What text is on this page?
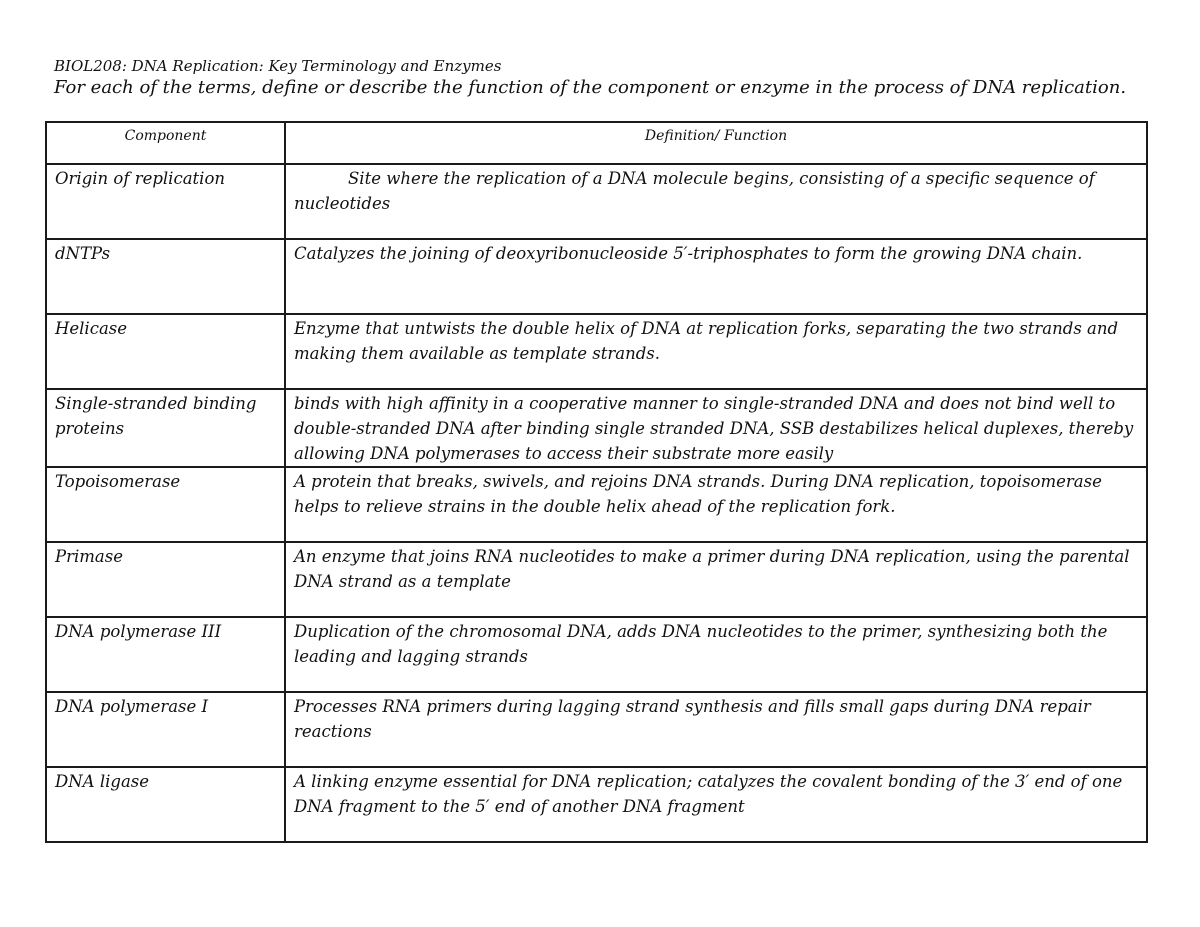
BIOL208: DNA Replication: Key Terminology and Enzymes
For each of the terms, define or describe the function of the component or enzyme in the process of DNA replication.
Component	Definition/ Function
Origin of replication	Site where the replication of a DNA molecule begins, consisting of a specific sequence of nucleotides
dNTPs	Catalyzes the joining of deoxyribonucleoside 5′-triphosphates to form the growing DNA chain.
Helicase	Enzyme that untwists the double helix of DNA at replication forks, separating the two strands and making them available as template strands.
Single-stranded binding proteins	binds with high affinity in a cooperative manner to single-stranded DNA and does not bind well to double-stranded DNA after binding single stranded DNA, SSB destabilizes helical duplexes, thereby allowing DNA polymerases to access their substrate more easily
Topoisomerase	A protein that breaks, swivels, and rejoins DNA strands. During DNA replication, topoisomerase helps to relieve strains in the double helix ahead of the replication fork.
Primase	An enzyme that joins RNA nucleotides to make a primer during DNA replication, using the parental DNA strand as a template
DNA polymerase III	Duplication of the chromosomal DNA, adds DNA nucleotides to the primer, synthesizing both the leading and lagging strands
DNA polymerase I	Processes RNA primers during lagging strand synthesis and fills small gaps during DNA repair reactions
DNA ligase	A linking enzyme essential for DNA replication; catalyzes the covalent bonding of the 3′ end of one DNA fragment to the 5′ end of another DNA fragment
